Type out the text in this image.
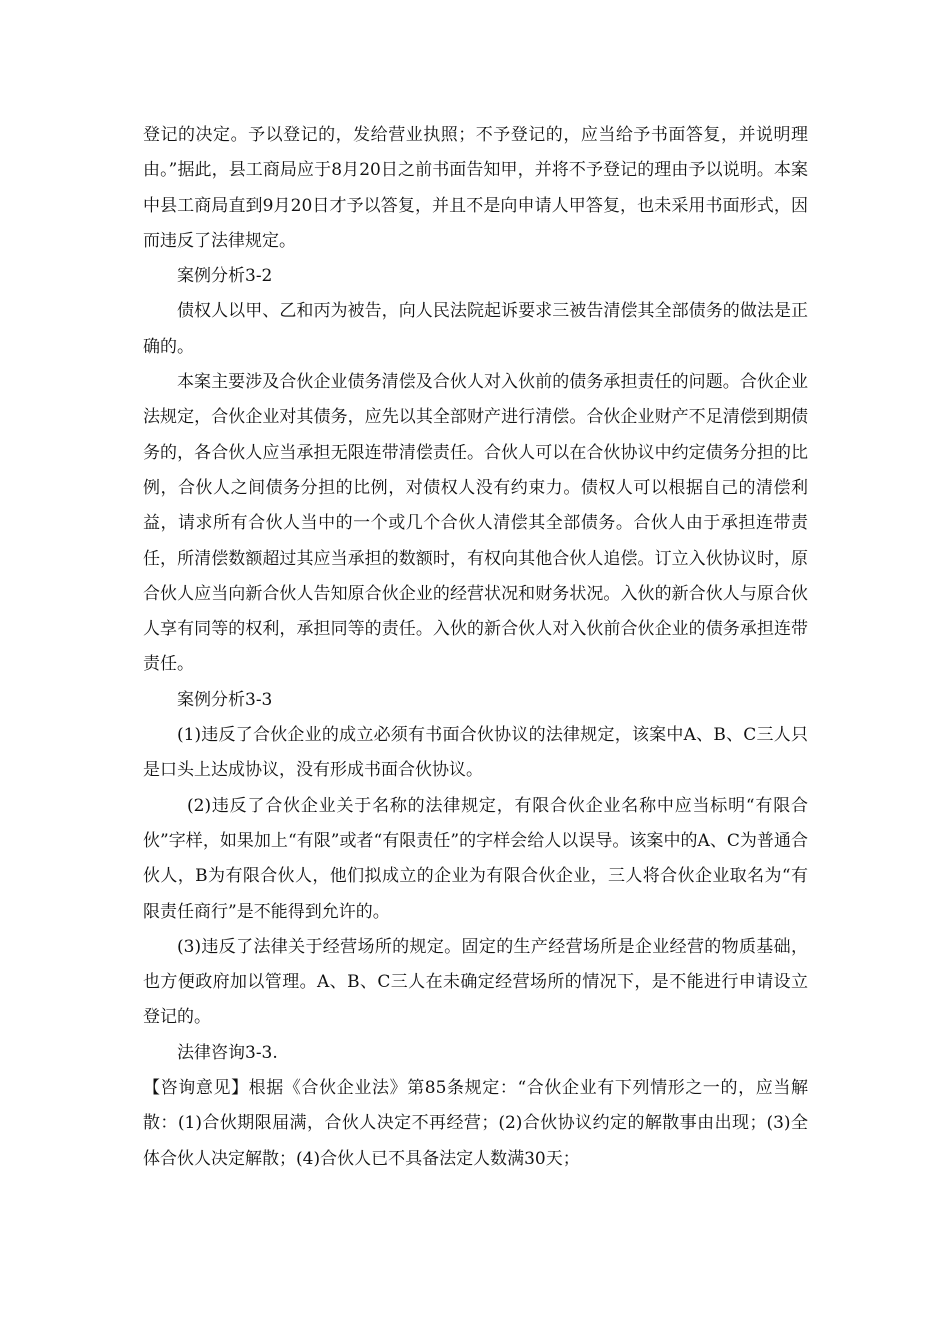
登记的决定。予以登记的，发给营业执照；不予登记的，应当给予书面答复，并说明理由。”据此，县工商局应于8月20日之前书面告知甲，并将不予登记的理由予以说明。本案中县工商局直到9月20日才予以答复，并且不是向申请人甲答复，也未采用书面形式，因而违反了法律规定。

案例分析3-2

债权人以甲、乙和丙为被告，向人民法院起诉要求三被告清偿其全部债务的做法是正确的。

本案主要涉及合伙企业债务清偿及合伙人对入伙前的债务承担责任的问题。合伙企业法规定，合伙企业对其债务，应先以其全部财产进行清偿。合伙企业财产不足清偿到期债务的，各合伙人应当承担无限连带清偿责任。合伙人可以在合伙协议中约定债务分担的比例，合伙人之间债务分担的比例，对债权人没有约束力。债权人可以根据自己的清偿利益，请求所有合伙人当中的一个或几个合伙人清偿其全部债务。合伙人由于承担连带责任，所清偿数额超过其应当承担的数额时，有权向其他合伙人追偿。订立入伙协议时，原合伙人应当向新合伙人告知原合伙企业的经营状况和财务状况。入伙的新合伙人与原合伙人享有同等的权利，承担同等的责任。入伙的新合伙人对入伙前合伙企业的债务承担连带责任。

案例分析3-3

(1)违反了合伙企业的成立必须有书面合伙协议的法律规定，该案中A、B、C三人只是口头上达成协议，没有形成书面合伙协议。

(2)违反了合伙企业关于名称的法律规定，有限合伙企业名称中应当标明“有限合伙”字样，如果加上“有限”或者“有限责任”的字样会给人以误导。该案中的A、C为普通合伙人，B为有限合伙人，他们拟成立的企业为有限合伙企业，三人将合伙企业取名为“有限责任商行”是不能得到允许的。

(3)违反了法律关于经营场所的规定。固定的生产经营场所是企业经营的物质基础，也方便政府加以管理。A、B、C三人在未确定经营场所的情况下，是不能进行申请设立登记的。

法律咨询3-3.

【咨询意见】根据《合伙企业法》第85条规定：“合伙企业有下列情形之一的，应当解散：(1)合伙期限届满，合伙人决定不再经营；(2)合伙协议约定的解散事由出现；(3)全体合伙人决定解散；(4)合伙人已不具备法定人数满30天；
